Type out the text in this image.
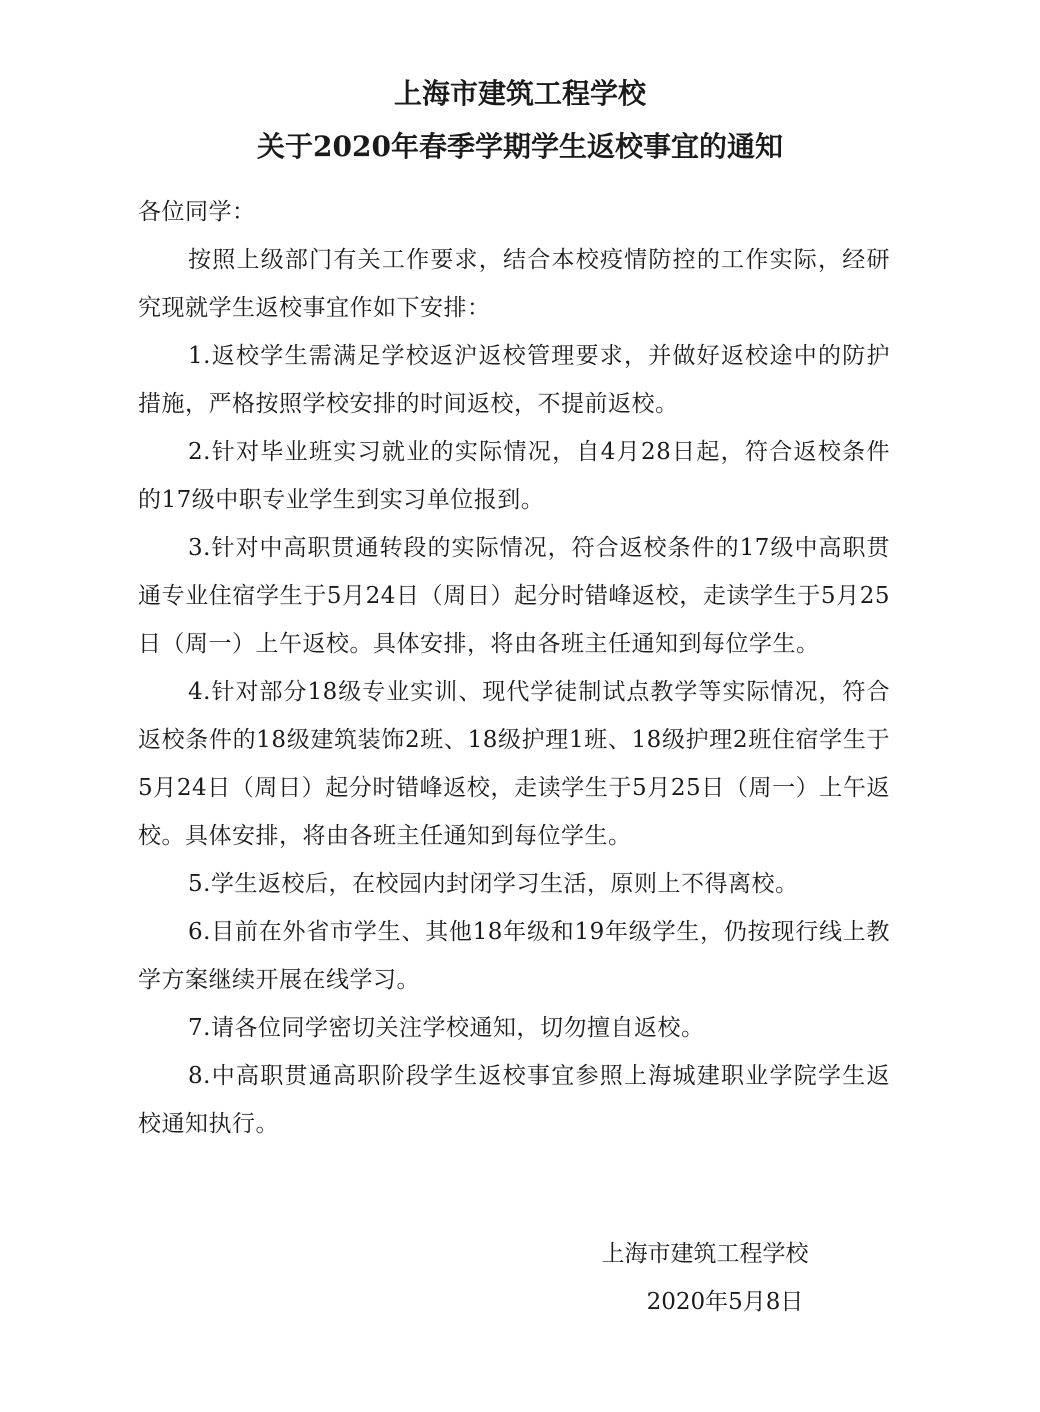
上海市建筑工程学校
关于2020年春季学期学生返校事宜的通知

各位同学：

按照上级部门有关工作要求，结合本校疫情防控的工作实际，经研究现就学生返校事宜作如下安排：

1.返校学生需满足学校返沪返校管理要求，并做好返校途中的防护措施，严格按照学校安排的时间返校，不提前返校。

2.针对毕业班实习就业的实际情况，自4月28日起，符合返校条件的17级中职专业学生到实习单位报到。

3.针对中高职贯通转段的实际情况，符合返校条件的17级中高职贯通专业住宿学生于5月24日（周日）起分时错峰返校，走读学生于5月25日（周一）上午返校。具体安排，将由各班主任通知到每位学生。

4.针对部分18级专业实训、现代学徒制试点教学等实际情况，符合返校条件的18级建筑装饰2班、18级护理1班、18级护理2班住宿学生于5月24日（周日）起分时错峰返校，走读学生于5月25日（周一）上午返校。具体安排，将由各班主任通知到每位学生。

5.学生返校后，在校园内封闭学习生活，原则上不得离校。

6.目前在外省市学生、其他18年级和19年级学生，仍按现行线上教学方案继续开展在线学习。

7.请各位同学密切关注学校通知，切勿擅自返校。

8.中高职贯通高职阶段学生返校事宜参照上海城建职业学院学生返校通知执行。

上海市建筑工程学校
2020年5月8日
